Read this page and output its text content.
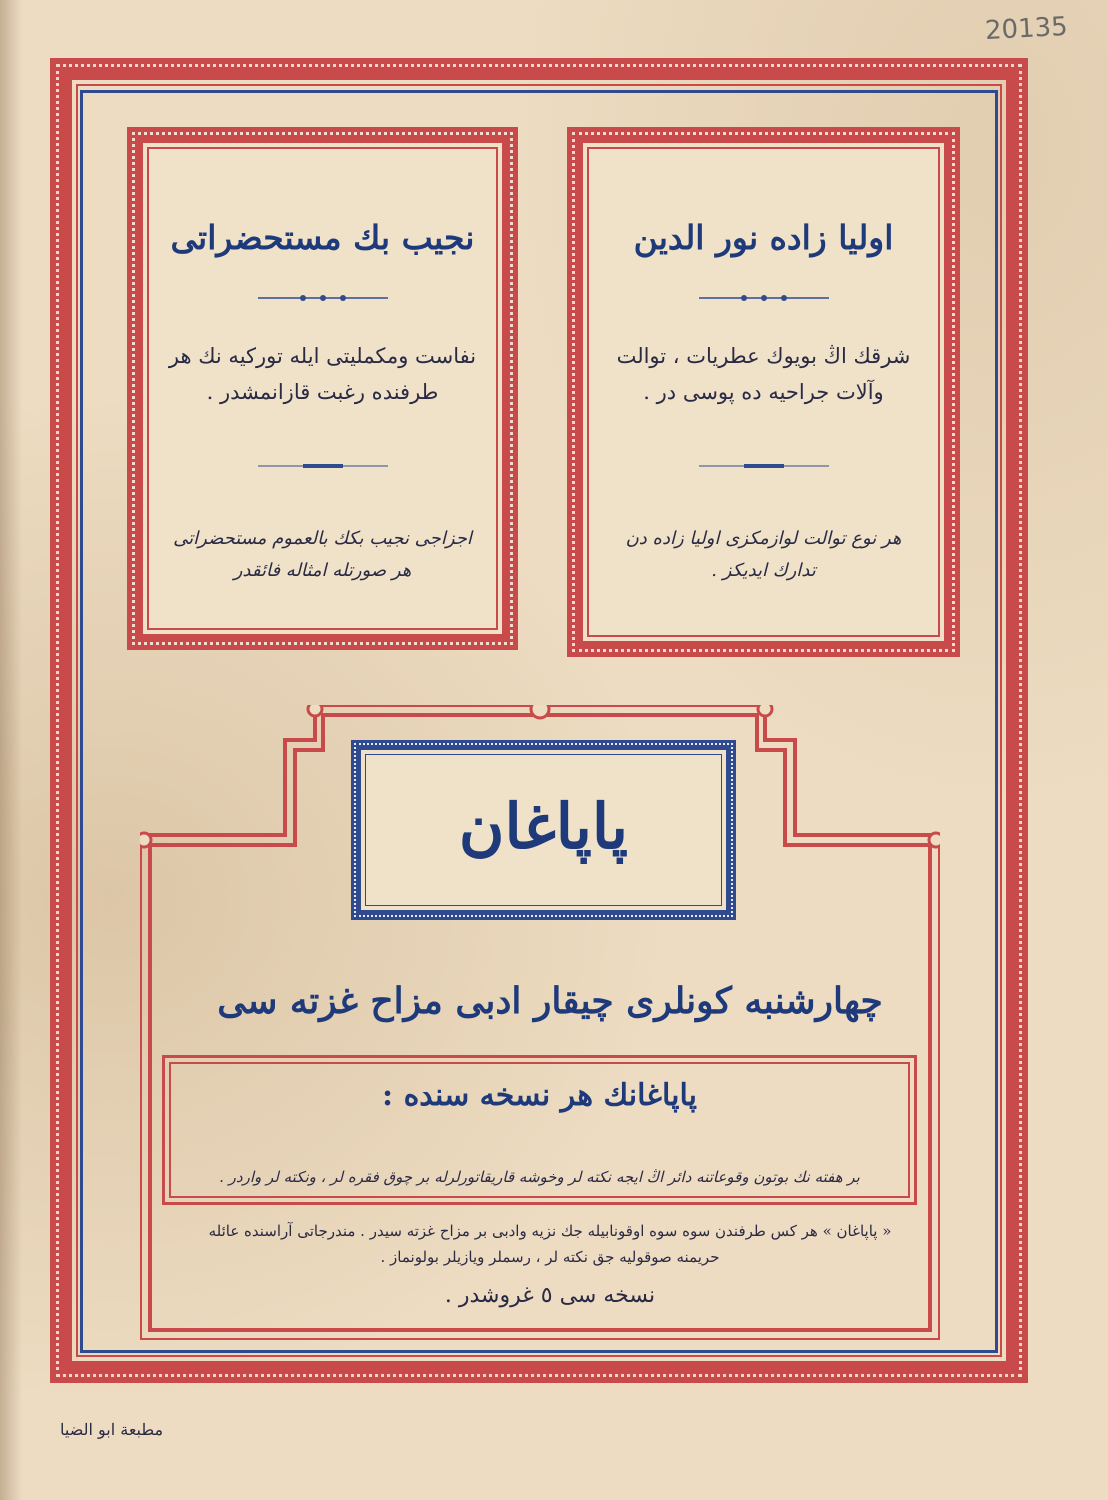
20135
نجيب بك مستحضراتى
نفاست ومكمليتى ايله توركيه نك هر طرفنده رغبت قازانمشدر .
اجزاجى نجيب بكك بالعموم مستحضراتى هر صورتله امثاله فائقدر
اوليا زاده نور الدين
شرقك اڭ بويوك عطريات ، توالت وآلات جراحيه ده پوسى در .
هر نوع توالت لوازمكزى اوليا زاده دن تدارك ايديكز .
پاپاغان
چهارشنبه كونلرى چيقار ادبى مزاح غزته سى
پاپاغانك هر نسخه سنده :
بر هفته نك بوتون وقوعاتنه دائر اڭ ايجه نكته لر وخوشه قاريقاتورلرله بر چوق فقره لر ، ونكته لر واردر .
« پاپاغان » هر كس طرفندن سوه سوه اوقونابيله جك نزيه وادبى بر مزاح غزته سيدر . مندرجاتى آراسنده عائله
حريمنه صوقوليه جق نكته لر ، رسملر ويازيلر بولونماز .
نسخه سى ٥ غروشدر .
مطبعة ابو الضيا
